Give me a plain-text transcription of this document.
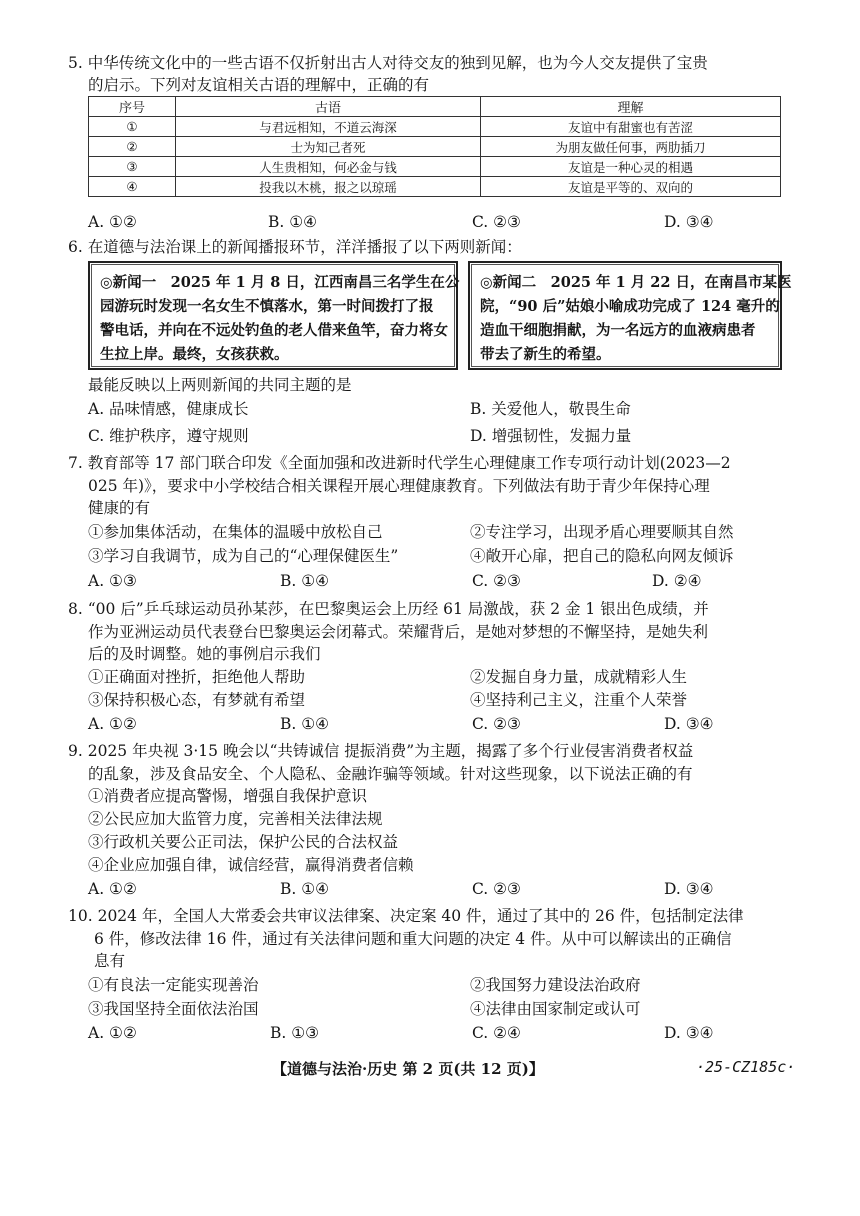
5. 中华传统文化中的一些古语不仅折射出古人对待交友的独到见解，也为今人交友提供了宝贵
的启示。下列对友谊相关古语的理解中，正确的有
序号	古语	理解
①	与君远相知，不道云海深	友谊中有甜蜜也有苦涩
②	士为知己者死	为朋友做任何事，两肋插刀
③	人生贵相知，何必金与钱	友谊是一种心灵的相遇
④	投我以木桃，报之以琼瑶	友谊是平等的、双向的
A. ①②	B. ①④	C. ②③	D. ③④
6. 在道德与法治课上的新闻播报环节，洋洋播报了以下两则新闻：
◎新闻一　2025 年 1 月 8 日，江西南昌三名学生在公
园游玩时发现一名女生不慎落水，第一时间拨打了报
警电话，并向在不远处钓鱼的老人借来鱼竿，奋力将女
生拉上岸。最终，女孩获救。
◎新闻二　2025 年 1 月 22 日，在南昌市某医
院，“90 后”姑娘小喻成功完成了 124 毫升的
造血干细胞捐献，为一名远方的血液病患者
带去了新生的希望。
最能反映以上两则新闻的共同主题的是
A. 品味情感，健康成长	B. 关爱他人，敬畏生命
C. 维护秩序，遵守规则	D. 增强韧性，发掘力量
7. 教育部等 17 部门联合印发《全面加强和改进新时代学生心理健康工作专项行动计划(2023—2
025 年)》，要求中小学校结合相关课程开展心理健康教育。下列做法有助于青少年保持心理
健康的有
①参加集体活动，在集体的温暖中放松自己	②专注学习，出现矛盾心理要顺其自然
③学习自我调节，成为自己的“心理保健医生”	④敞开心扉，把自己的隐私向网友倾诉
A. ①③	B. ①④	C. ②③	D. ②④
8. “00 后”乒乓球运动员孙某莎，在巴黎奥运会上历经 61 局激战，获 2 金 1 银出色成绩，并
作为亚洲运动员代表登台巴黎奥运会闭幕式。荣耀背后，是她对梦想的不懈坚持，是她失利
后的及时调整。她的事例启示我们
①正确面对挫折，拒绝他人帮助	②发掘自身力量，成就精彩人生
③保持积极心态，有梦就有希望	④坚持利己主义，注重个人荣誉
A. ①②	B. ①④	C. ②③	D. ③④
9. 2025 年央视 3·15 晚会以“共铸诚信 提振消费”为主题，揭露了多个行业侵害消费者权益
的乱象，涉及食品安全、个人隐私、金融诈骗等领域。针对这些现象，以下说法正确的有
①消费者应提高警惕，增强自我保护意识
②公民应加大监管力度，完善相关法律法规
③行政机关要公正司法，保护公民的合法权益
④企业应加强自律，诚信经营，赢得消费者信赖
A. ①②	B. ①④	C. ②③	D. ③④
10. 2024 年，全国人大常委会共审议法律案、决定案 40 件，通过了其中的 26 件，包括制定法律
6 件，修改法律 16 件，通过有关法律问题和重大问题的决定 4 件。从中可以解读出的正确信
息有
①有良法一定能实现善治	②我国努力建设法治政府
③我国坚持全面依法治国	④法律由国家制定或认可
A. ①②	B. ①③	C. ②④	D. ③④
【道德与法治·历史 第 2 页(共 12 页)】	·25-CZ185c·
